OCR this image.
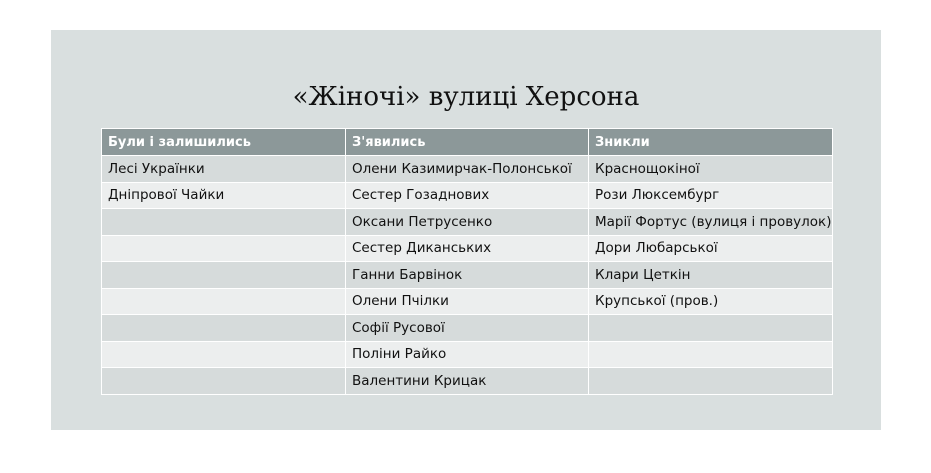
«Жіночі» вулиці Херсона
Були і залишились	З'явились	Зникли
Лесі Українки	Олени Казимирчак-Полонської	Краснощокіної
Дніпрової Чайки	Сестер Гозаднових	Рози Люксембург
	Оксани Петрусенко	Марії Фортус (вулиця і провулок)
	Сестер Диканських	Дори Любарської
	Ганни Барвінок	Клари Цеткін
	Олени Пчілки	Крупської (пров.)
	Софії Русової	
	Поліни Райко	
	Валентини Крицак	
